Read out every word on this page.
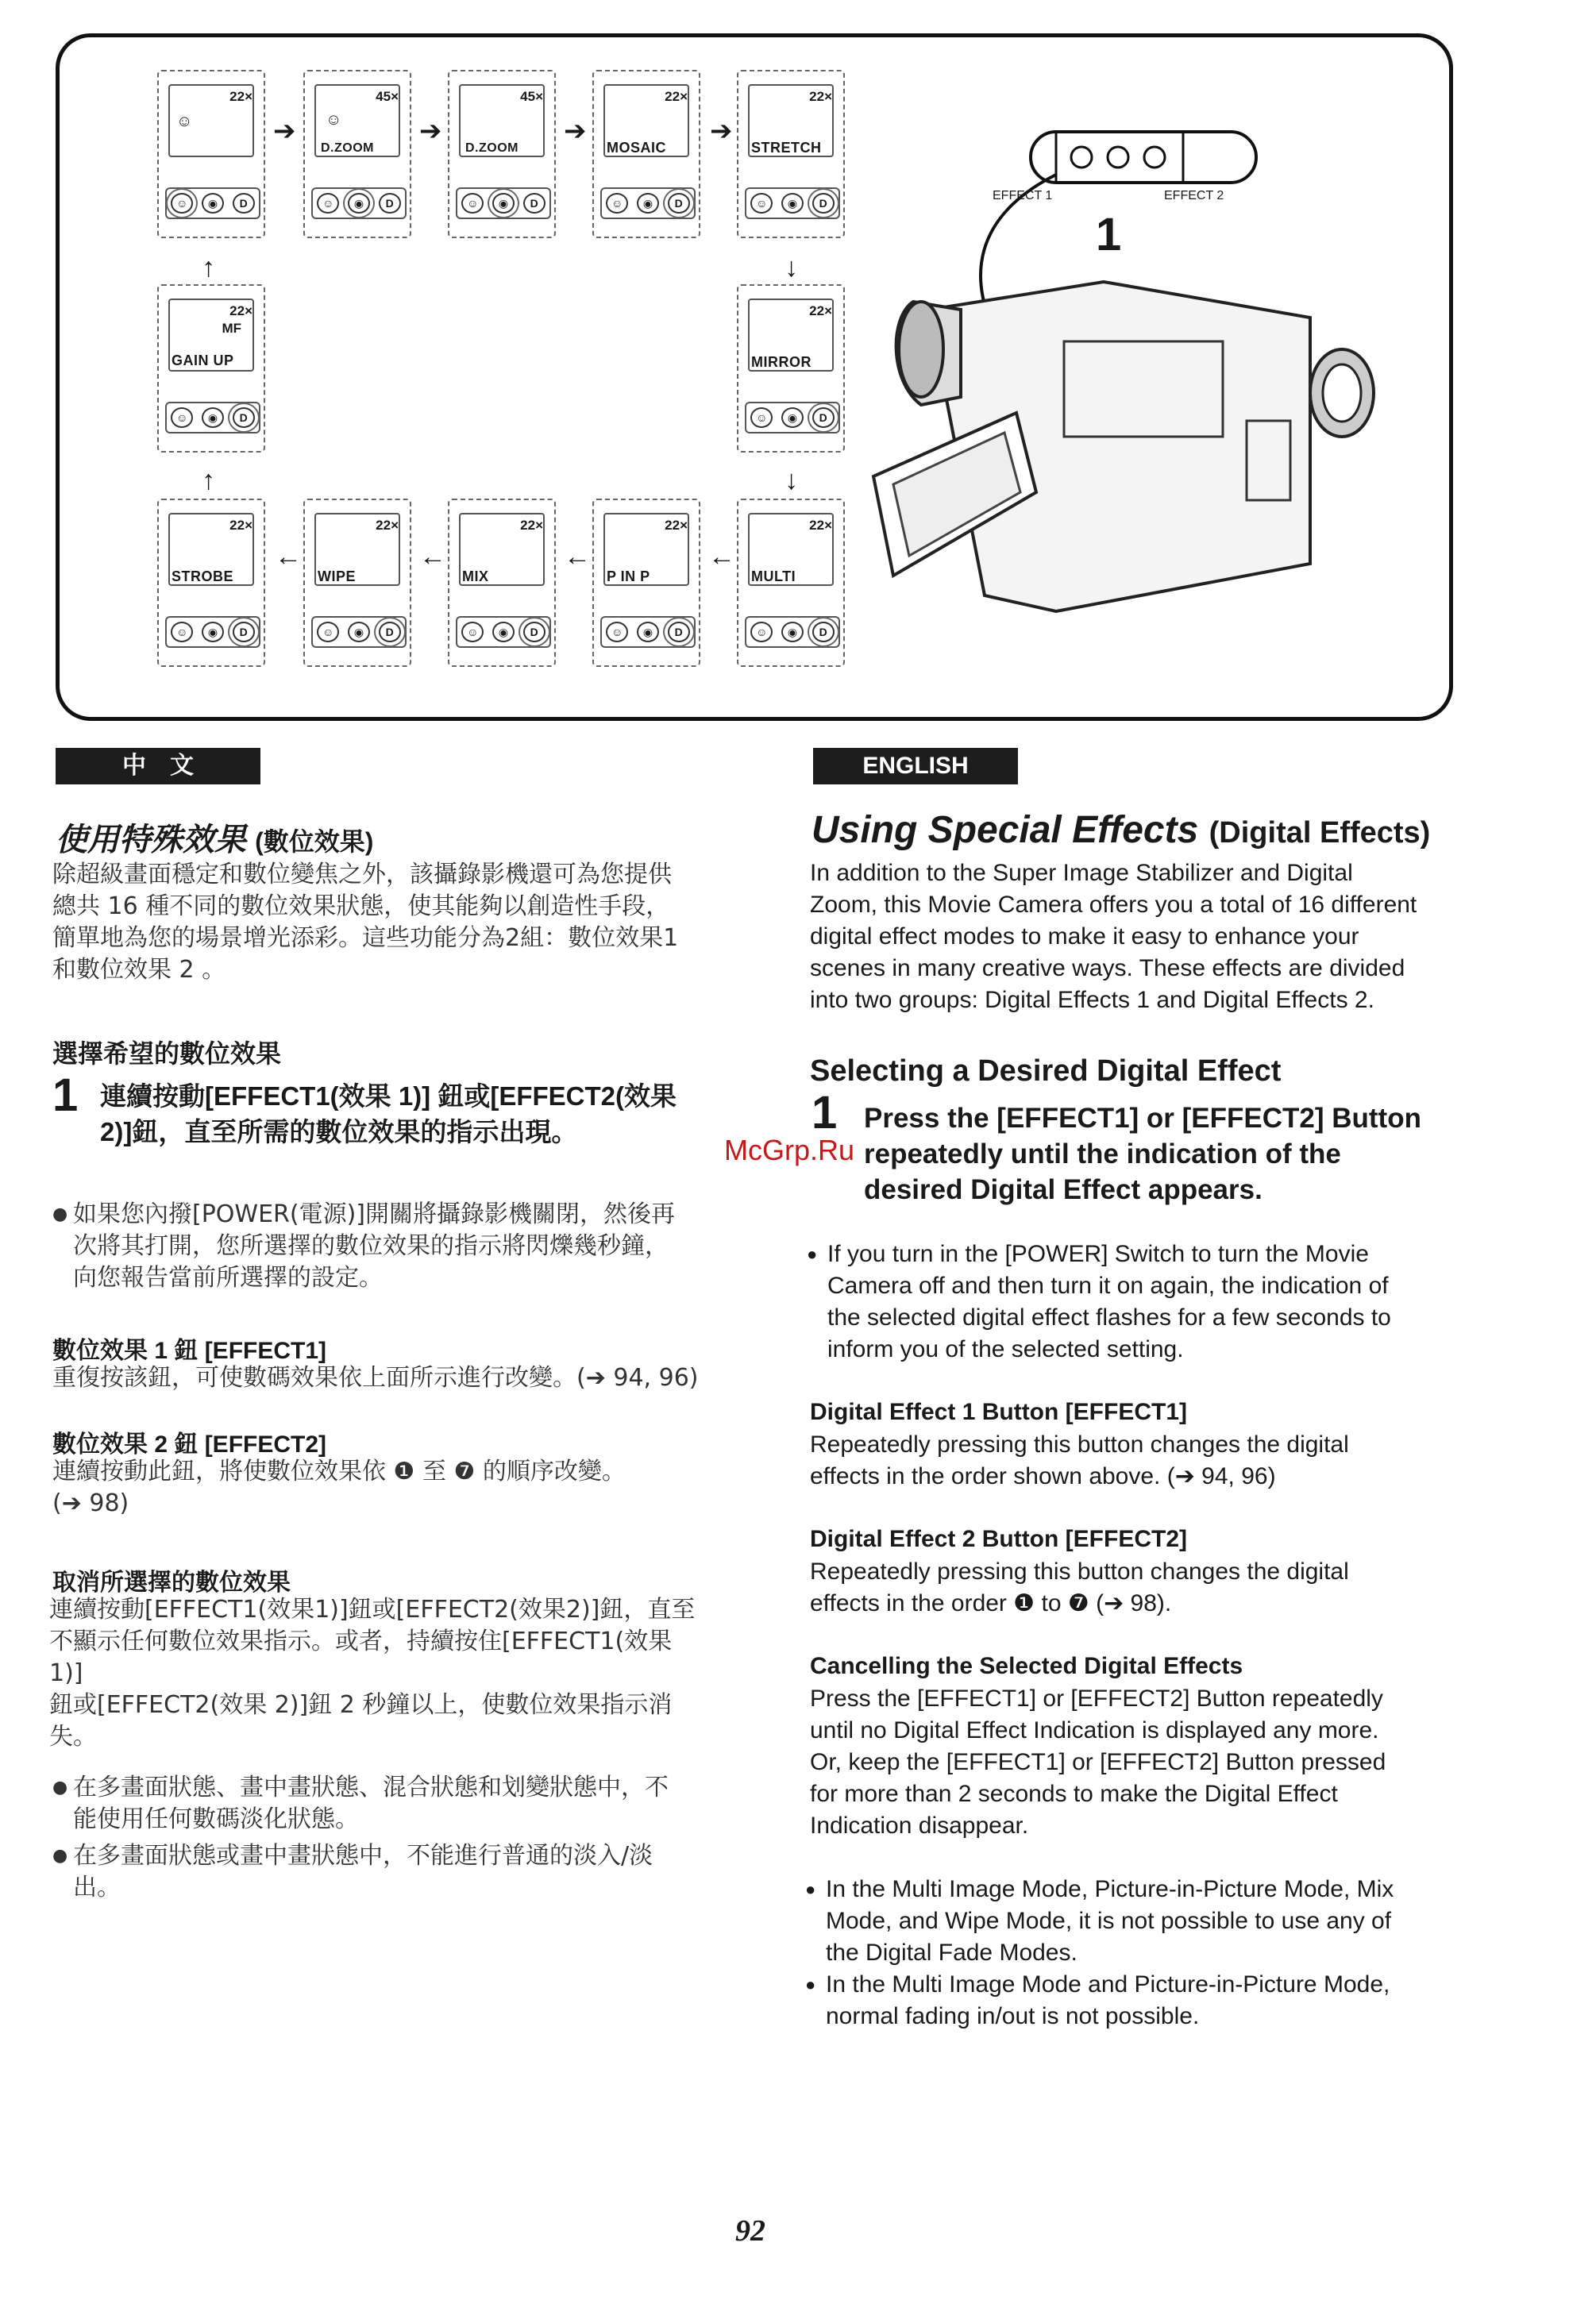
22×
☺
☺	◉	D
➔
45×
☺
D.ZOOM
☺	◉	D
➔
45×
D.ZOOM
☺	◉	D
➔
22×
MOSAIC
☺	◉	D
➔
22×
STRETCH
☺	◉	D
↑	↓
22×
MF
GAIN UP
☺	◉	D
22×
MIRROR
☺	◉	D
↑	↓
22×
STROBE
☺	◉	D
←
22×
WIPE
☺	◉	D
←
22×
MIX
☺	◉	D
←
22×
P IN P
☺	◉	D
←
22×
MULTI
☺	◉	D
EFFECT 1	EFFECT 2
1
中　文
使用特殊效果 (數位效果)
除超級畫面穩定和數位變焦之外，該攝錄影機還可為您提供
總共 16 種不同的數位效果狀態，使其能夠以創造性手段，
簡單地為您的場景增光添彩。這些功能分為2組：數位效果1
和數位效果 2 。
選擇希望的數位效果
1 連續按動[EFFECT1(效果 1)] 鈕或[EFFECT2(效果
2)]鈕，直至所需的數位效果的指示出現。
● 如果您內撥[POWER(電源)]開關將攝錄影機關閉，然後再
次將其打開，您所選擇的數位效果的指示將閃爍幾秒鐘，
向您報告當前所選擇的設定。
數位效果 1 鈕 [EFFECT1]
重復按該鈕，可使數碼效果依上面所示進行改變。(➔ 94, 96)
數位效果 2 鈕 [EFFECT2]
連續按動此鈕，將使數位效果依 ❶ 至 ❼ 的順序改變。
(➔ 98)
取消所選擇的數位效果
連續按動[EFFECT1(效果1)]鈕或[EFFECT2(效果2)]鈕，直至
不顯示任何數位效果指示。或者，持續按住[EFFECT1(效果1)]
鈕或[EFFECT2(效果 2)]鈕 2 秒鐘以上，使數位效果指示消
失。
● 在多畫面狀態、畫中畫狀態、混合狀態和划變狀態中，不
能使用任何數碼淡化狀態。
● 在多畫面狀態或畫中畫狀態中，不能進行普通的淡入/淡
出。
ENGLISH
Using Special Effects (Digital Effects)
In addition to the Super Image Stabilizer and Digital
Zoom, this Movie Camera offers you a total of 16 different
digital effect modes to make it easy to enhance your
scenes in many creative ways. These effects are divided
into two groups: Digital Effects 1 and Digital Effects 2.
Selecting a Desired Digital Effect
1 Press the [EFFECT1] or [EFFECT2] Button
repeatedly until the indication of the
desired Digital Effect appears.
McGrp.Ru
● If you turn in the [POWER] Switch to turn the Movie
Camera off and then turn it on again, the indication of
the selected digital effect flashes for a few seconds to
inform you of the selected setting.
Digital Effect 1 Button [EFFECT1]
Repeatedly pressing this button changes the digital
effects in the order shown above. (➔ 94, 96)
Digital Effect 2 Button [EFFECT2]
Repeatedly pressing this button changes the digital
effects in the order ❶ to ❼ (➔ 98).
Cancelling the Selected Digital Effects
Press the [EFFECT1] or [EFFECT2] Button repeatedly
until no Digital Effect Indication is displayed any more.
Or, keep the [EFFECT1] or [EFFECT2] Button pressed
for more than 2 seconds to make the Digital Effect
Indication disappear.
● In the Multi Image Mode, Picture-in-Picture Mode, Mix
Mode, and Wipe Mode, it is not possible to use any of
the Digital Fade Modes.
● In the Multi Image Mode and Picture-in-Picture Mode,
normal fading in/out is not possible.
92
